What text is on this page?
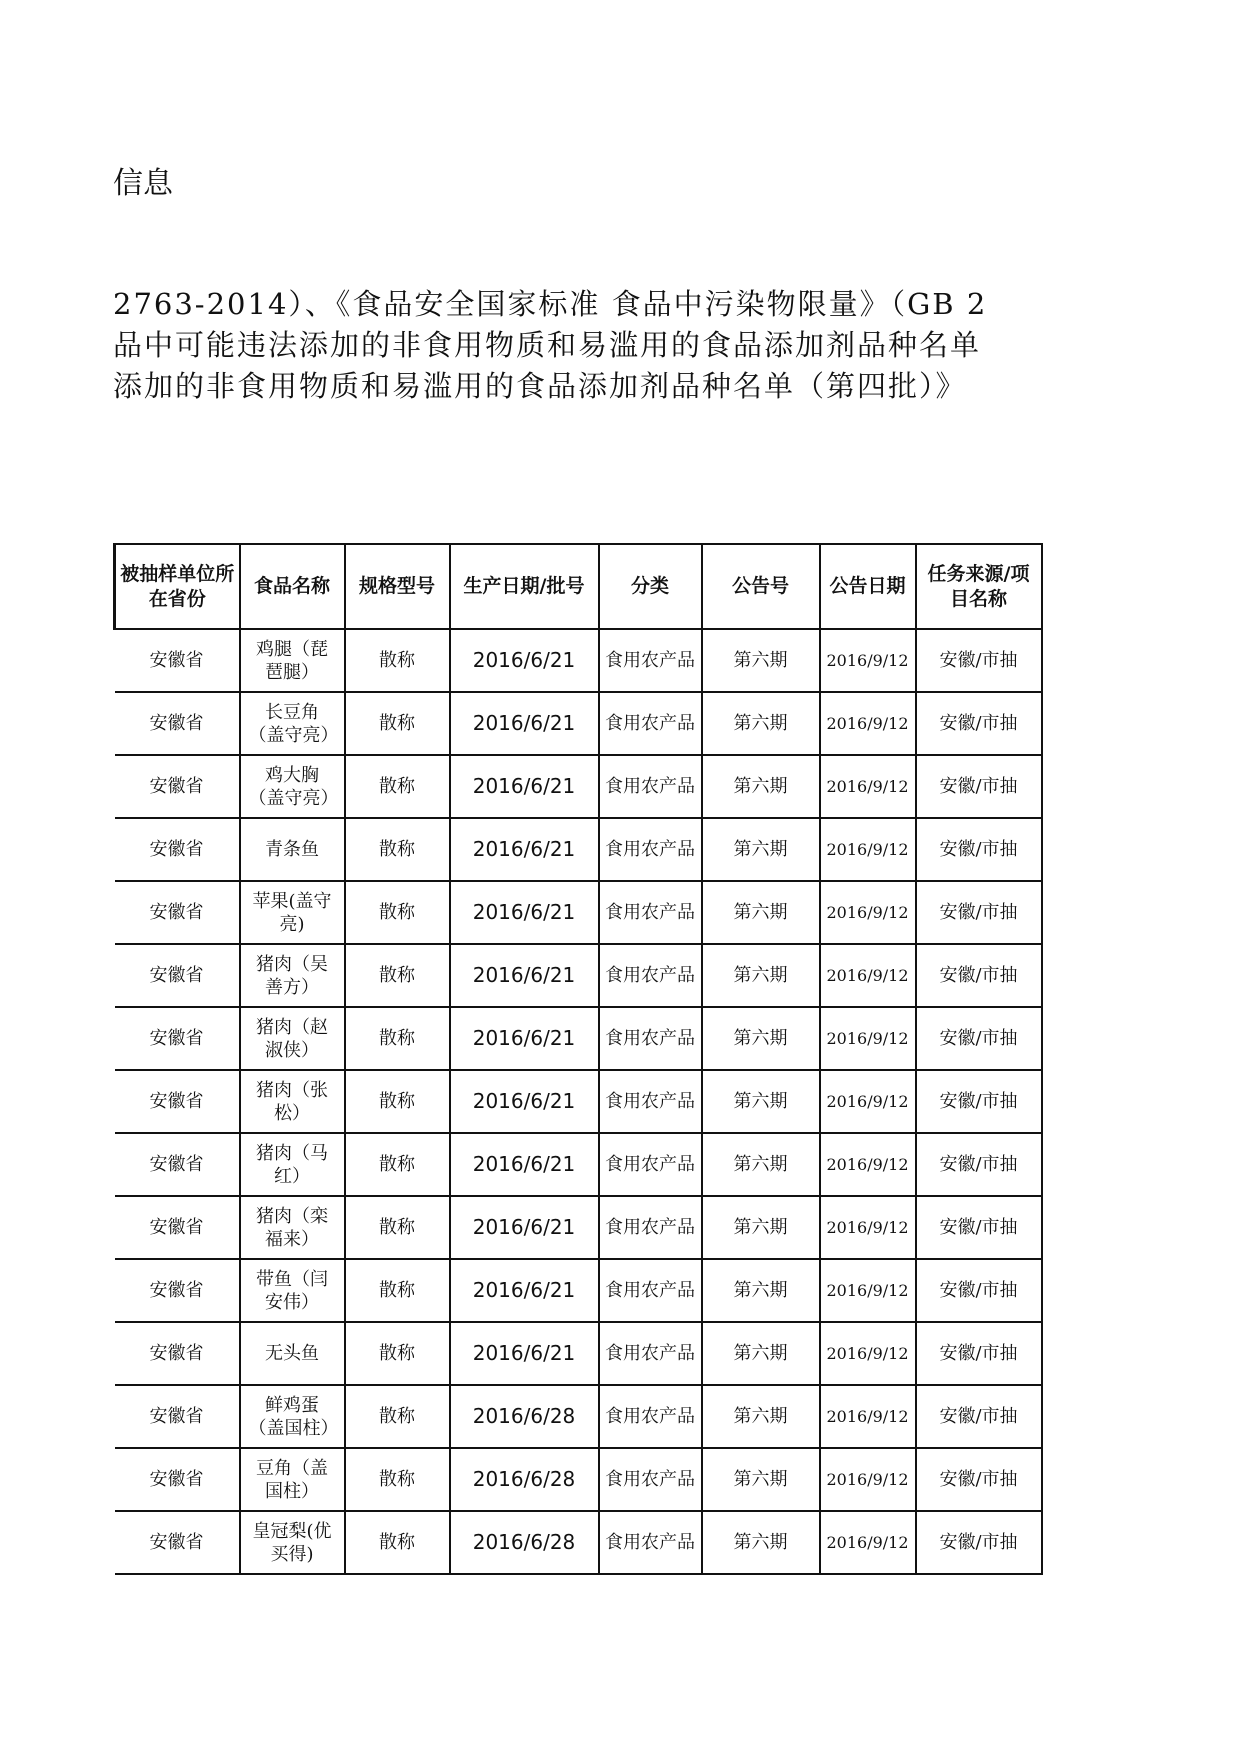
信息
2763-2014）、《食品安全国家标准 食品中污染物限量》（GB 2
品中可能违法添加的非食用物质和易滥用的食品添加剂品种名单
添加的非食用物质和易滥用的食品添加剂品种名单（第四批）》
被抽样单位所在省份	食品名称	规格型号	生产日期/批号	分类	公告号	公告日期	任务来源/项目名称
安徽省	鸡腿（琵琶腿）	散称	2016/6/21	食用农产品	第六期	2016/9/12	安徽/市抽
安徽省	长豆角（盖守亮）	散称	2016/6/21	食用农产品	第六期	2016/9/12	安徽/市抽
安徽省	鸡大胸（盖守亮）	散称	2016/6/21	食用农产品	第六期	2016/9/12	安徽/市抽
安徽省	青条鱼	散称	2016/6/21	食用农产品	第六期	2016/9/12	安徽/市抽
安徽省	苹果(盖守亮)	散称	2016/6/21	食用农产品	第六期	2016/9/12	安徽/市抽
安徽省	猪肉（吴善方）	散称	2016/6/21	食用农产品	第六期	2016/9/12	安徽/市抽
安徽省	猪肉（赵淑侠）	散称	2016/6/21	食用农产品	第六期	2016/9/12	安徽/市抽
安徽省	猪肉（张松）	散称	2016/6/21	食用农产品	第六期	2016/9/12	安徽/市抽
安徽省	猪肉（马红）	散称	2016/6/21	食用农产品	第六期	2016/9/12	安徽/市抽
安徽省	猪肉（栾福来）	散称	2016/6/21	食用农产品	第六期	2016/9/12	安徽/市抽
安徽省	带鱼（闫安伟）	散称	2016/6/21	食用农产品	第六期	2016/9/12	安徽/市抽
安徽省	无头鱼	散称	2016/6/21	食用农产品	第六期	2016/9/12	安徽/市抽
安徽省	鲜鸡蛋（盖国柱）	散称	2016/6/28	食用农产品	第六期	2016/9/12	安徽/市抽
安徽省	豆角（盖国柱）	散称	2016/6/28	食用农产品	第六期	2016/9/12	安徽/市抽
安徽省	皇冠梨(优买得)	散称	2016/6/28	食用农产品	第六期	2016/9/12	安徽/市抽
